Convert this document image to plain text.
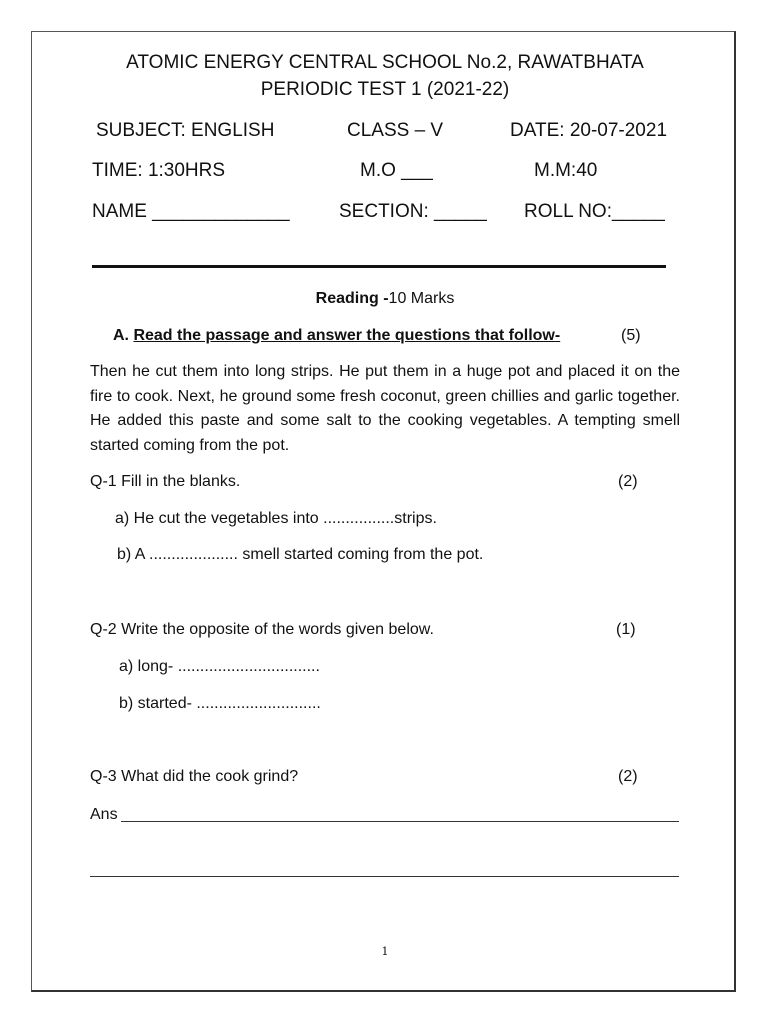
ATOMIC ENERGY CENTRAL SCHOOL No.2, RAWATBHATA
PERIODIC TEST 1 (2021-22)
SUBJECT: ENGLISH	CLASS – V	DATE: 20-07-2021
TIME: 1:30HRS	M.O ___	M.M:40
NAME _____________	SECTION: _____ ROLL NO:_____
Reading -10 Marks
A. Read the passage and answer the questions that follow-	(5)

Then he cut them into long strips. He put them in a huge pot and placed it on the fire to cook. Next, he ground some fresh coconut, green chillies and garlic together. He added this paste and some salt to the cooking vegetables. A tempting smell started coming from the pot.

Q-1 Fill in the blanks.	(2)
a) He cut the vegetables into ................strips.
b) A .................... smell started coming from the pot.
Q-2 Write the opposite of the words given below.	(1)
a) long- ................................
b) started- ............................
Q-3 What did the cook grind?	(2)
Ans
1
